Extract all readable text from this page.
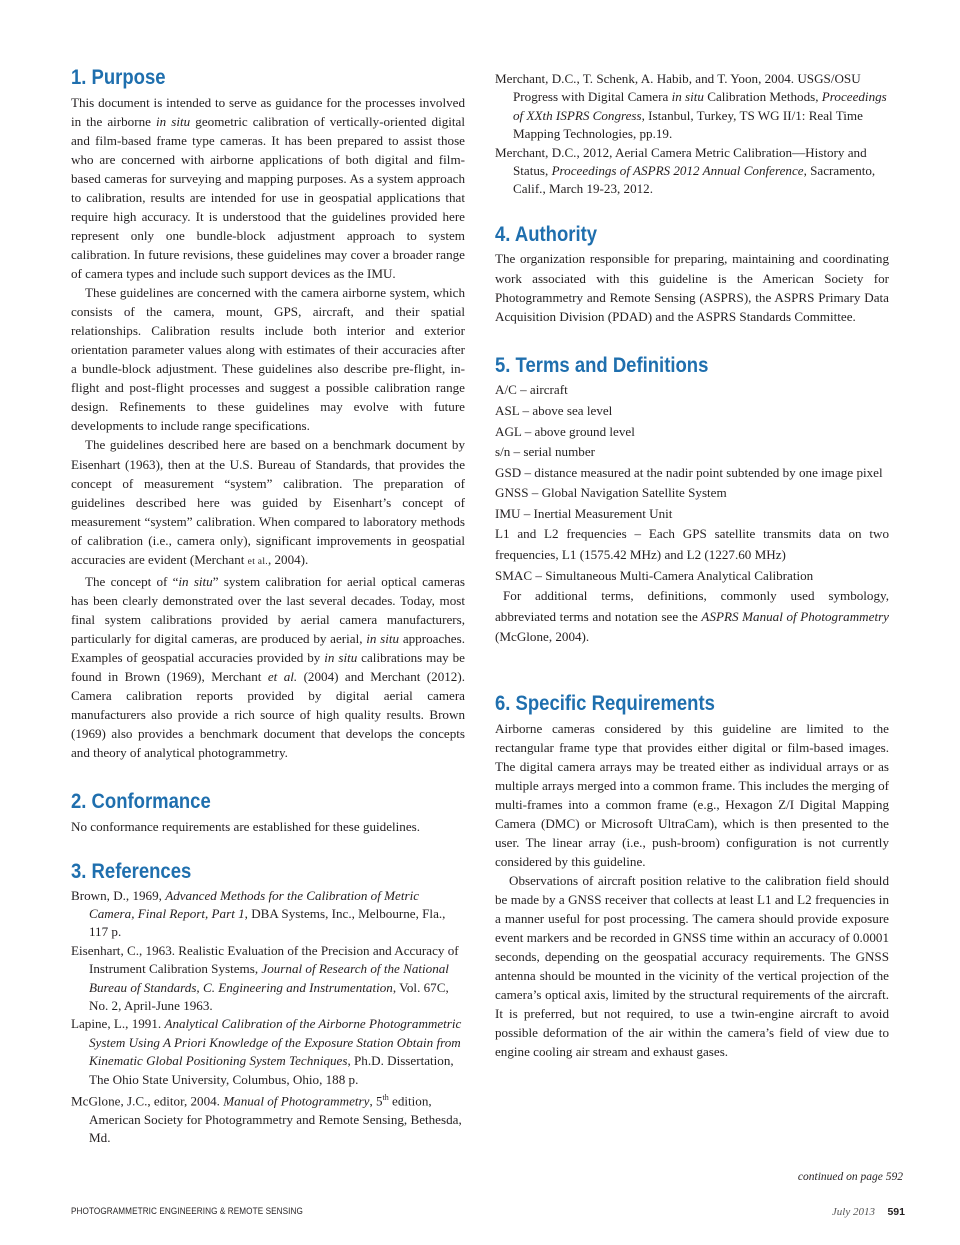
1. Purpose

This document is intended to serve as guidance for the processes involved in the airborne in situ geometric calibration of vertically-oriented digital and film-based frame type cameras. It has been prepared to assist those who are concerned with airborne applications of both digital and film-based cameras for surveying and mapping purposes. As a system approach to calibration, results are intended for use in geospatial applications that require high accuracy. It is understood that the guidelines provided here represent only one bundle-block adjustment approach to system calibration. In future revisions, these guidelines may cover a broader range of camera types and include such support devices as the IMU.

These guidelines are concerned with the camera airborne system, which consists of the camera, mount, GPS, aircraft, and their spatial relationships. Calibration results include both interior and exterior orientation parameter values along with estimates of their accuracies after a bundle-block adjustment. These guidelines also describe pre-flight, in-flight and post-flight processes and suggest a possible calibration range design. Refinements to these guidelines may evolve with future developments to include range specifications.

The guidelines described here are based on a benchmark document by Eisenhart (1963), then at the U.S. Bureau of Standards, that provides the concept of measurement “system” calibration. The preparation of guidelines described here was guided by Eisenhart’s concept of measurement “system” calibration. When compared to laboratory methods of calibration (i.e., camera only), significant improvements in geospatial accuracies are evident (Merchant et al., 2004).

The concept of “in situ” system calibration for aerial optical cameras has been clearly demonstrated over the last several decades. Today, most final system calibrations provided by aerial camera manufacturers, particularly for digital cameras, are produced by aerial, in situ approaches. Examples of geospatial accuracies provided by in situ calibrations may be found in Brown (1969), Merchant et al. (2004) and Merchant (2012). Camera calibration reports provided by digital aerial camera manufacturers also provide a rich source of high quality results. Brown (1969) also provides a benchmark document that develops the concepts and theory of analytical photogrammetry.

2. Conformance

No conformance requirements are established for these guidelines.

3. References

Brown, D., 1969, Advanced Methods for the Calibration of Metric Camera, Final Report, Part 1, DBA Systems, Inc., Melbourne, Fla., 117 p.

Eisenhart, C., 1963. Realistic Evaluation of the Precision and Accuracy of Instrument Calibration Systems, Journal of Research of the National Bureau of Standards, C. Engineering and Instrumentation, Vol. 67C, No. 2, April-June 1963.

Lapine, L., 1991. Analytical Calibration of the Airborne Photogrammetric System Using A Priori Knowledge of the Exposure Station Obtain from Kinematic Global Positioning System Techniques, Ph.D. Dissertation, The Ohio State University, Columbus, Ohio, 188 p.

McGlone, J.C., editor, 2004. Manual of Photogrammetry, 5th edition, American Society for Photogrammetry and Remote Sensing, Bethesda, Md.

Merchant, D.C., T. Schenk, A. Habib, and T. Yoon, 2004. USGS/OSU Progress with Digital Camera in situ Calibration Methods, Proceedings of XXth ISPRS Congress, Istanbul, Turkey, TS WG II/1: Real Time Mapping Technologies, pp.19.

Merchant, D.C., 2012, Aerial Camera Metric Calibration—History and Status, Proceedings of ASPRS 2012 Annual Conference, Sacramento, Calif., March 19-23, 2012.

4. Authority

The organization responsible for preparing, maintaining and coordinating work associated with this guideline is the American Society for Photogrammetry and Remote Sensing (ASPRS), the ASPRS Primary Data Acquisition Division (PDAD) and the ASPRS Standards Committee.

5. Terms and Definitions

A/C – aircraft

ASL – above sea level

AGL – above ground level

s/n – serial number

GSD – distance measured at the nadir point subtended by one image pixel

GNSS – Global Navigation Satellite System

IMU – Inertial Measurement Unit

L1 and L2 frequencies – Each GPS satellite transmits data on two frequencies, L1 (1575.42 MHz) and L2 (1227.60 MHz)

SMAC – Simultaneous Multi-Camera Analytical Calibration

For additional terms, definitions, commonly used symbology, abbreviated terms and notation see the ASPRS Manual of Photogrammetry (McGlone, 2004).

6. Specific Requirements

Airborne cameras considered by this guideline are limited to the rectangular frame type that provides either digital or film-based images. The digital camera arrays may be treated either as individual arrays or as multiple arrays merged into a common frame. This includes the merging of multi-frames into a common frame (e.g., Hexagon Z/I Digital Mapping Camera (DMC) or Microsoft UltraCam), which is then presented to the user. The linear array (i.e., push-broom) configuration is not currently considered by this guideline.

Observations of aircraft position relative to the calibration field should be made by a GNSS receiver that collects at least L1 and L2 frequencies in a manner useful for post processing. The camera should provide exposure event markers and be recorded in GNSS time within an accuracy of 0.0001 seconds, depending on the geospatial accuracy requirements. The GNSS antenna should be mounted in the vicinity of the vertical projection of the camera’s optical axis, limited by the structural requirements of the aircraft. It is preferred, but not required, to use a twin-engine aircraft to avoid possible deformation of the air within the camera’s field of view due to engine cooling air stream and exhaust gases.

continued on page 592
PHOTOGRAMMETRIC ENGINEERING & REMOTE SENSING	July 2013 591
